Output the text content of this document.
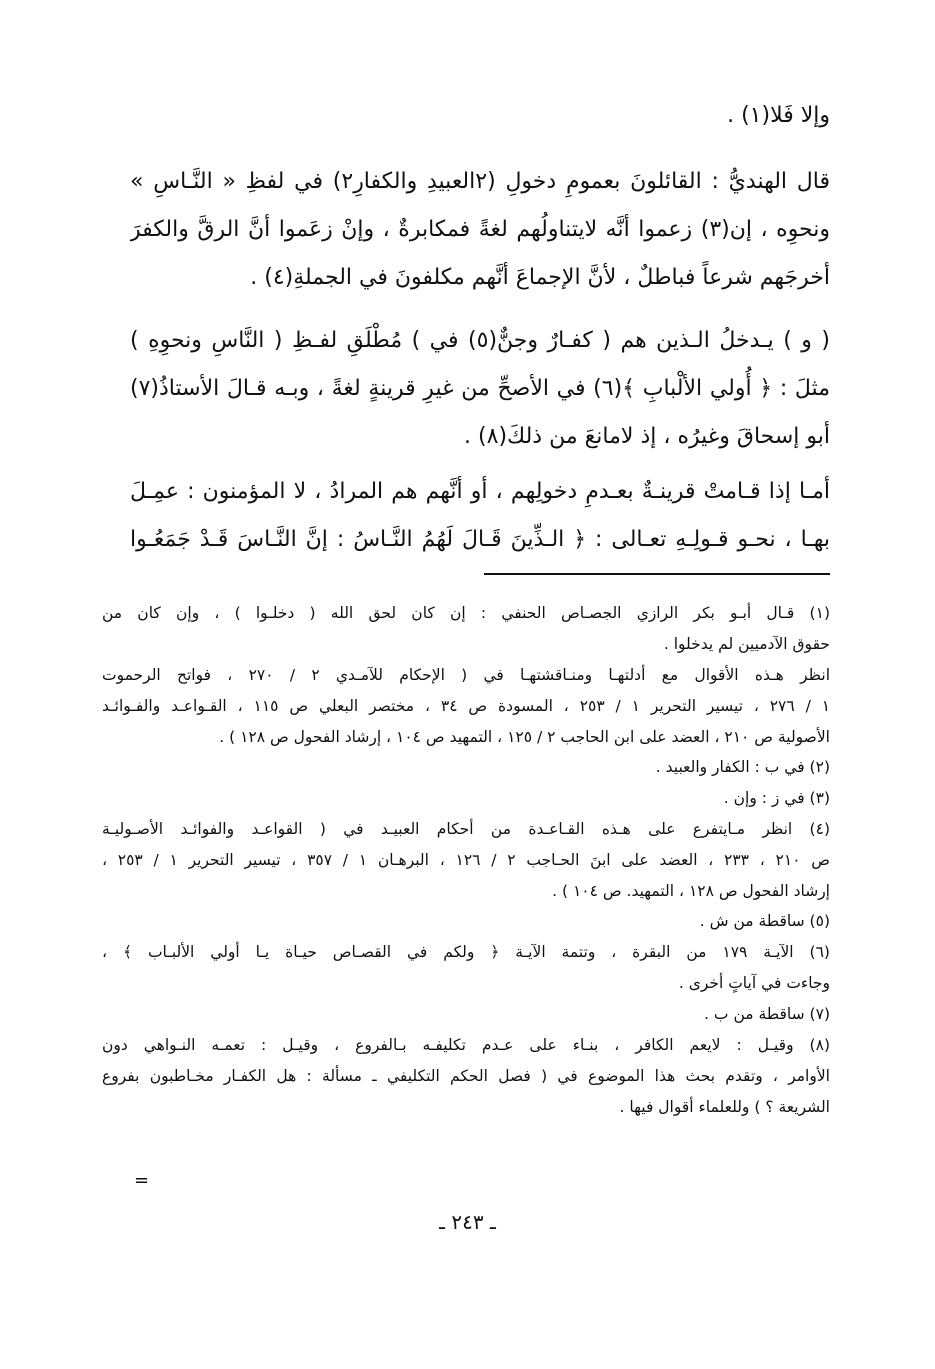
وإلا فَلا(١) .
قال الهنديُّ : القائلونَ بعمومِ دخولِ (٢العبيدِ والكفارِ٢) في لفظِ « النَّـاسِ »
ونحوِه ، إن(٣) زعموا أنَّه لايتناولُهم لغةً فمكابرةٌ ، وإنْ زعَموا أنَّ الرقَّ والكفرَ
أخرجَهم شرعاً فباطلٌ ، لأنَّ الإجماعَ أنَّهم مكلفونَ في الجملةِ(٤) .
( و ) يـدخلُ الـذين هم ( كفـارٌ وجنٌّ(٥) في ) مُطْلَقِ لفـظِ ( النَّاسِ ونحوِهِ )
مثلَ : ﴿ أُولي الألْبابِ ﴾(٦) في الأصحِّ من غيرِ قرينةٍ لغةً ، وبـه قـالَ الأستاذُ(٧)
أبو إسحاقَ وغيرُه ، إذ لامانعَ من ذلكَ(٨) .
أمـا إذا قـامتْ قرينـةٌ بعـدمِ دخولِهم ، أو أنَّهم هم المرادُ ، لا المؤمنون : عمِـلَ
بهـا ، نحـو قـولِـهِ تعـالى : ﴿ الـذِّينَ قَـالَ لَهُمُ النَّـاسُ : إنَّ النَّـاسَ قَـدْ جَمَعُـوا
(١) قـال أبـو بكر الرازي الجصـاص الحنفي : إن كان لحق الله ( دخلـوا ) ، وإن كان من
حقوق الآدميين لم يدخلوا .
انظر هـذه الأقوال مع أدلتهـا ومنـاقشتهـا في ( الإحكام للآمـدي ٢ / ٢٧٠ ، فواتح الرحموت
١ / ٢٧٦ ، تيسير التحرير ١ / ٢٥٣ ، المسودة ص ٣٤ ، مختصر البعلي ص ١١٥ ، القـواعـد والفـوائـد
الأصولية ص ٢١٠ ، العضد على ابن الحاجب ٢ / ١٢٥ ، التمهيد ص ١٠٤ ، إرشاد الفحول ص ١٢٨ ) .
(٢) في ب : الكفار والعبيد .
(٣) في ز : وإن .
(٤) انظر مـايتفرع على هـذه القـاعـدة من أحكام العبيـد في ( القواعـد والفوائـد الأصـوليـة
ص ٢١٠ ، ٢٣٣ ، العضد على ابنَ الحـاجب ٢ / ١٢٦ ، البرهـان ١ / ٣٥٧ ، تيسير التحرير ١ / ٢٥٣ ،
إرشاد الفحول ص ١٢٨ ، التمهيد. ص ١٠٤ ) .
(٥) ساقطة من ش .
(٦) الآيـة ١٧٩ من البقرة ، وتتمة الآيـة ﴿ ولكم في القصـاص حيـاة يـا أولي الألبـاب ﴾ ،
وجاءت في آياتٍ أخرى .
(٧) ساقطة من ب .
(٨) وقيـل : لايعم الكافر ، بنـاء على عـدم تكليفـه بـالفروع ، وقيـل : تعمـه النـواهي دون
الأوامر ، وتقدم بحث هذا الموضوع في ( فصل الحكم التكليفي ـ مسألة : هل الكفـار مخـاطبون بفروع
الشريعة ؟ ) وللعلماء أقوال فيها .
=
ـ ٢٤٣ ـ
